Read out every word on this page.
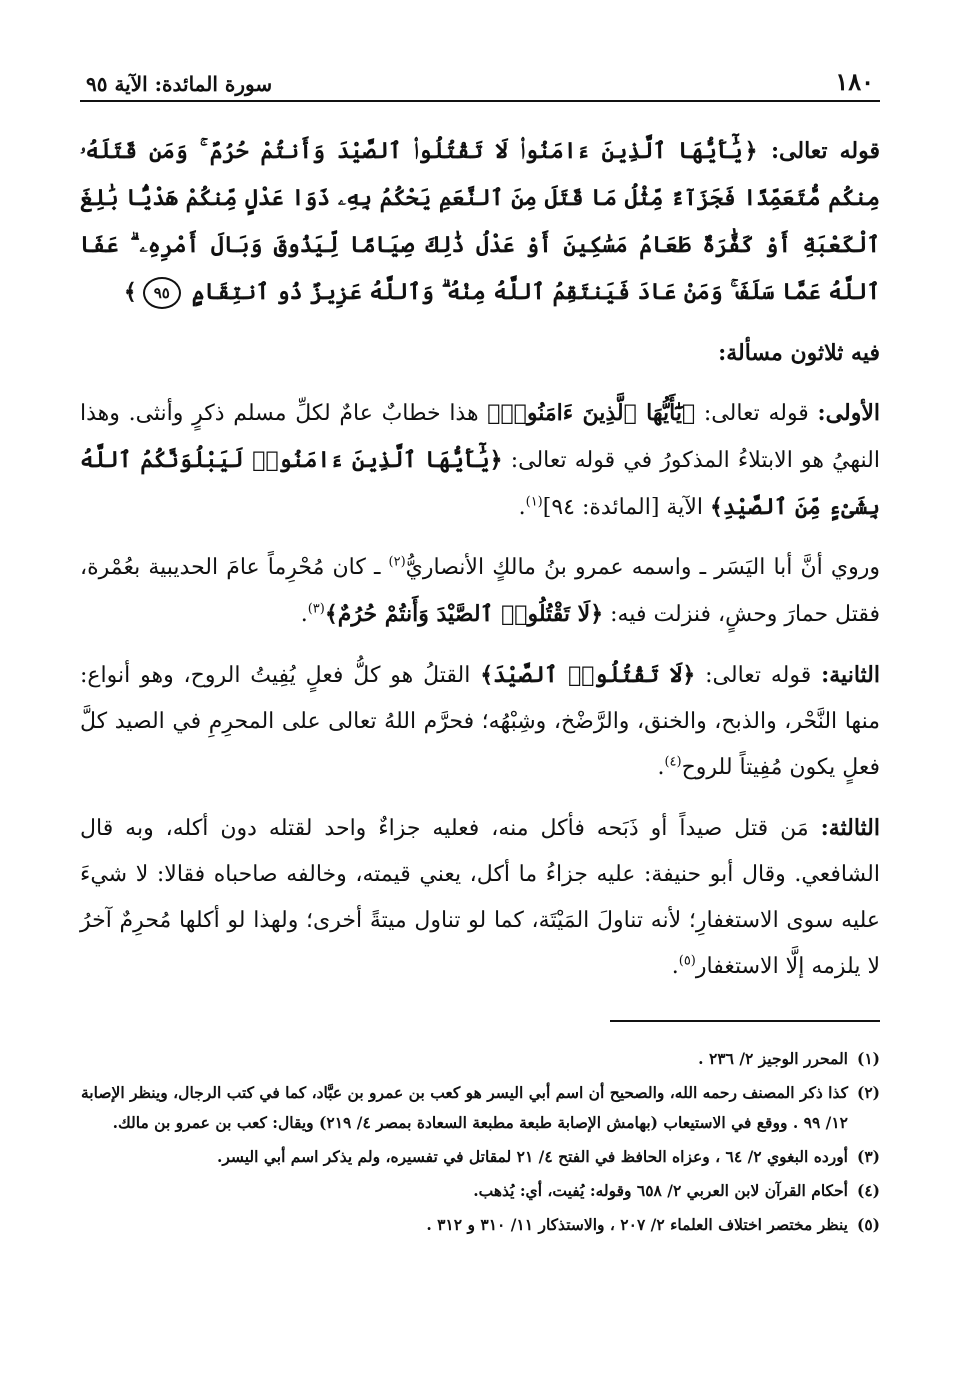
١٨٠
سورة المائدة: الآية ٩٥

قوله تعالى: ﴿يَٰٓأَيُّهَا ٱلَّذِينَ ءَامَنُوا۟ لَا تَقْتُلُوا۟ ٱلصَّيْدَ وَأَنتُمْ حُرُمٌ ۚ وَمَن قَتَلَهُۥ مِنكُم مُّتَعَمِّدًا فَجَزَآءٌ مِّثْلُ مَا قَتَلَ مِنَ ٱلنَّعَمِ يَحْكُمُ بِهِۦ ذَوَا عَدْلٍ مِّنكُمْ هَدْيًۢا بَٰلِغَ ٱلْكَعْبَةِ أَوْ كَفَّٰرَةٌ طَعَامُ مَسَٰكِينَ أَوْ عَدْلُ ذَٰلِكَ صِيَامًا لِّيَذُوقَ وَبَالَ أَمْرِهِۦ ۗ عَفَا ٱللَّهُ عَمَّا سَلَفَ ۚ وَمَنْ عَادَ فَيَنتَقِمُ ٱللَّهُ مِنْهُ ۗ وَٱللَّهُ عَزِيزٌ ذُو ٱنتِقَامٍ ٩٥﴾

فيه ثلاثون مسألة:

الأولى: قوله تعالى: ﴿يَٰٓأَيُّهَا ٱلَّذِينَ ءَامَنُوا۟﴾ هذا خطابٌ عامٌ لكلِّ مسلم ذكرٍ وأنثى. وهذا النهيُ هو الابتلاءُ المذكورُ في قوله تعالى: ﴿يَٰٓأَيُّهَا ٱلَّذِينَ ءَامَنُوا۟ لَيَبْلُوَنَّكُمُ ٱللَّهُ بِشَىْءٍ مِّنَ ٱلصَّيْدِ﴾ الآية [المائدة: ٩٤]$^{(١)}$.

وروي أنَّ أبا اليَسَر ـ واسمه عمرو بنُ مالكٍ الأنصاريُّ$^{(٢)}$ ـ كان مُحْرِماً عامَ الحديبية بعُمْرة، فقتل حمارَ وحشٍ، فنزلت فيه: ﴿لَا تَقْتُلُوا۟ ٱلصَّيْدَ وَأَنتُمْ حُرُمٌ﴾$^{(٣)}$.

الثانية: قوله تعالى: ﴿لَا تَقْتُلُوا۟ ٱلصَّيْدَ﴾ القتلُ هو كلُّ فعلٍ يُفِيتُ الروح، وهو أنواع: منها النَّحْر، والذبح، والخنق، والرَّضْخ، وشِبْهُه؛ فحرَّم اللهُ تعالى على المحرِمِ في الصيد كلَّ فعلٍ يكون مُفِيتاً للروح$^{(٤)}$.

الثالثة: مَن قتل صيداً أو ذَبَحه فأكل منه، فعليه جزاءٌ واحد لقتله دون أكله، وبه قال الشافعي. وقال أبو حنيفة: عليه جزاءُ ما أكل، يعني قيمته، وخالفه صاحباه فقالا: لا شيءَ عليه سوى الاستغفارِ؛ لأنه تناولَ المَيْتَة، كما لو تناول ميتةً أخرى؛ ولهذا لو أكلها مُحرِمٌ آخرُ لا يلزمه إلَّا الاستغفار$^{(٥)}$.

(١)
المحرر الوجيز ٢/ ٢٣٦ .
(٢)
كذا ذكر المصنف رحمه الله، والصحيح أن اسم أبي اليسر هو كعب بن عمرو بن عبَّاد، كما في كتب الرجال، وينظر الإصابة ١٢/ ٩٩ . ووقع في الاستيعاب (بهامش الإصابة طبعة مطبعة السعادة بمصر ٤/ ٢١٩) ويقال: كعب بن عمرو بن مالك.
(٣)
أورده البغوي ٢/ ٦٤ ، وعزاه الحافظ في الفتح ٤/ ٢١ لمقاتل في تفسيره، ولم يذكر اسم أبي اليسر.
(٤)
أحكام القرآن لابن العربي ٢/ ٦٥٨ وقوله: يُفيت، أي: يُذهب.
(٥)
ينظر مختصر اختلاف العلماء ٢/ ٢٠٧ ، والاستذكار ١١/ ٣١٠ و ٣١٢ .
